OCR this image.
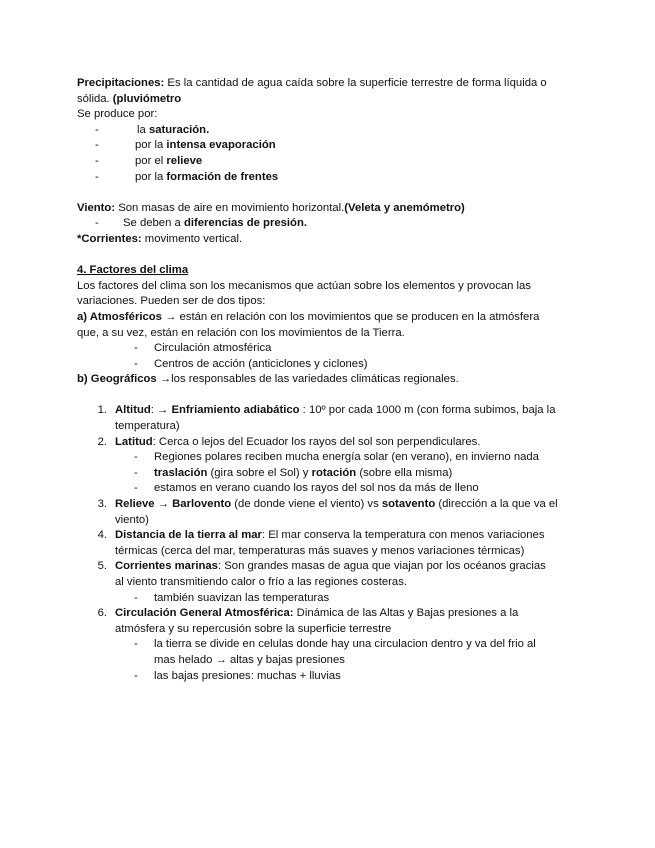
Precipitaciones: Es la cantidad de agua caída sobre la superficie terrestre de forma líquida o
sólida. (pluviómetro
Se produce por:
-	la saturación.
-	por la intensa evaporación
-	por el relieve
-	por la formación de frentes
Viento: Son masas de aire en movimiento horizontal.(Veleta y anemómetro)
- Se deben a diferencias de presión.
*Corrientes: movimento vertical.
4. Factores del clima
Los factores del clima son los mecanismos que actúan sobre los elementos y provocan las
variaciones. Pueden ser de dos tipos:
a) Atmosféricos → están en relación con los movimientos que se producen en la atmósfera
que, a su vez, están en relación con los movimientos de la Tierra.
- Circulación atmosférica
- Centros de acción (anticiclones y ciclones)
b) Geográficos →los responsables de las variedades climáticas regionales.
1. Altitud: → Enfriamiento adiabático : 10º por cada 1000 m (con forma subimos, baja la
temperatura)
2. Latitud: Cerca o lejos del Ecuador los rayos del sol son perpendiculares.
- Regiones polares reciben mucha energía solar (en verano), en invierno nada
- traslación (gira sobre el Sol) y rotación (sobre ella misma)
- estamos en verano cuando los rayos del sol nos da más de lleno
3. Relieve → Barlovento (de donde viene el viento) vs sotavento (dirección a la que va el
viento)
4. Distancia de la tierra al mar: El mar conserva la temperatura con menos variaciones
térmicas (cerca del mar, temperaturas más suaves y menos variaciones térmicas)
5. Corrientes marinas: Son grandes masas de agua que viajan por los océanos gracias
al viento transmitiendo calor o frío a las regiones costeras.
- también suavizan las temperaturas
6. Circulación General Atmosférica: Dinámica de las Altas y Bajas presiones a la
atmósfera y su repercusión sobre la superficie terrestre
- la tierra se divide en celulas donde hay una circulacion dentro y va del frio al
mas helado → altas y bajas presiones
- las bajas presiones: muchas + lluvias
